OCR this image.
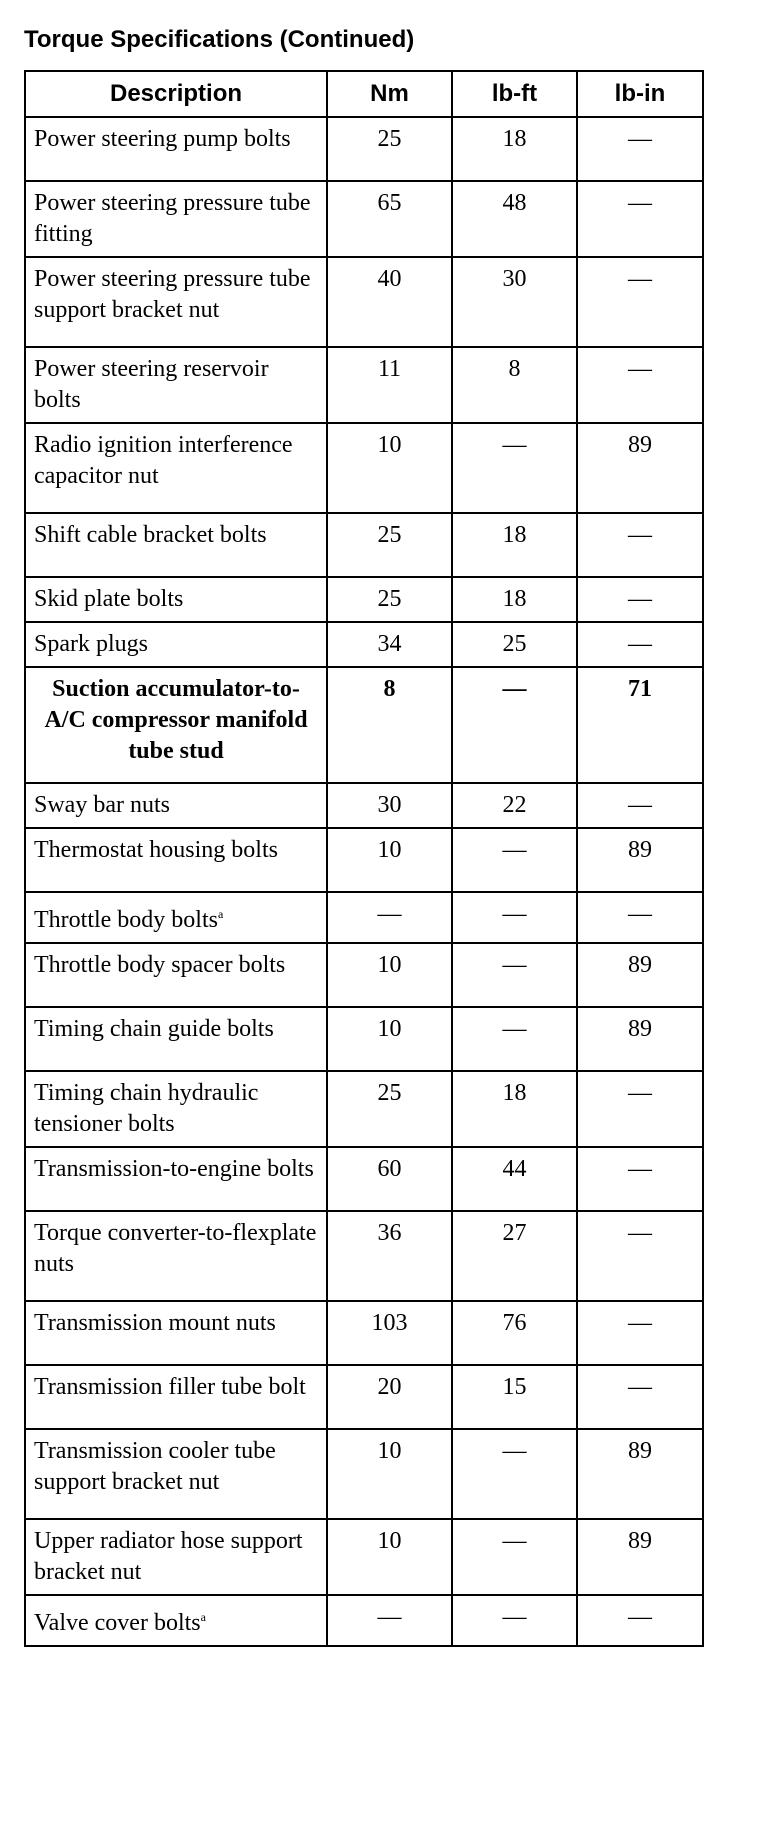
Torque Specifications (Continued)
Description	Nm	lb-ft	lb-in
Power steering pump bolts	25	18	—
Power steering pressure tube fitting	65	48	—
Power steering pressure tube support bracket nut	40	30	—
Power steering reservoir bolts	11	8	—
Radio ignition interference capacitor nut	10	—	89
Shift cable bracket bolts	25	18	—
Skid plate bolts	25	18	—
Spark plugs	34	25	—
Suction accumulator-to-A/C compressor manifold tube stud	8	—	71
Sway bar nuts	30	22	—
Thermostat housing bolts	10	—	89
Throttle body bolts$^a$	—	—	—
Throttle body spacer bolts	10	—	89
Timing chain guide bolts	10	—	89
Timing chain hydraulic tensioner bolts	25	18	—
Transmission-to-engine bolts	60	44	—
Torque converter-to-flexplate nuts	36	27	—
Transmission mount nuts	103	76	—
Transmission filler tube bolt	20	15	—
Transmission cooler tube support bracket nut	10	—	89
Upper radiator hose support bracket nut	10	—	89
Valve cover bolts$^a$	—	—	—
